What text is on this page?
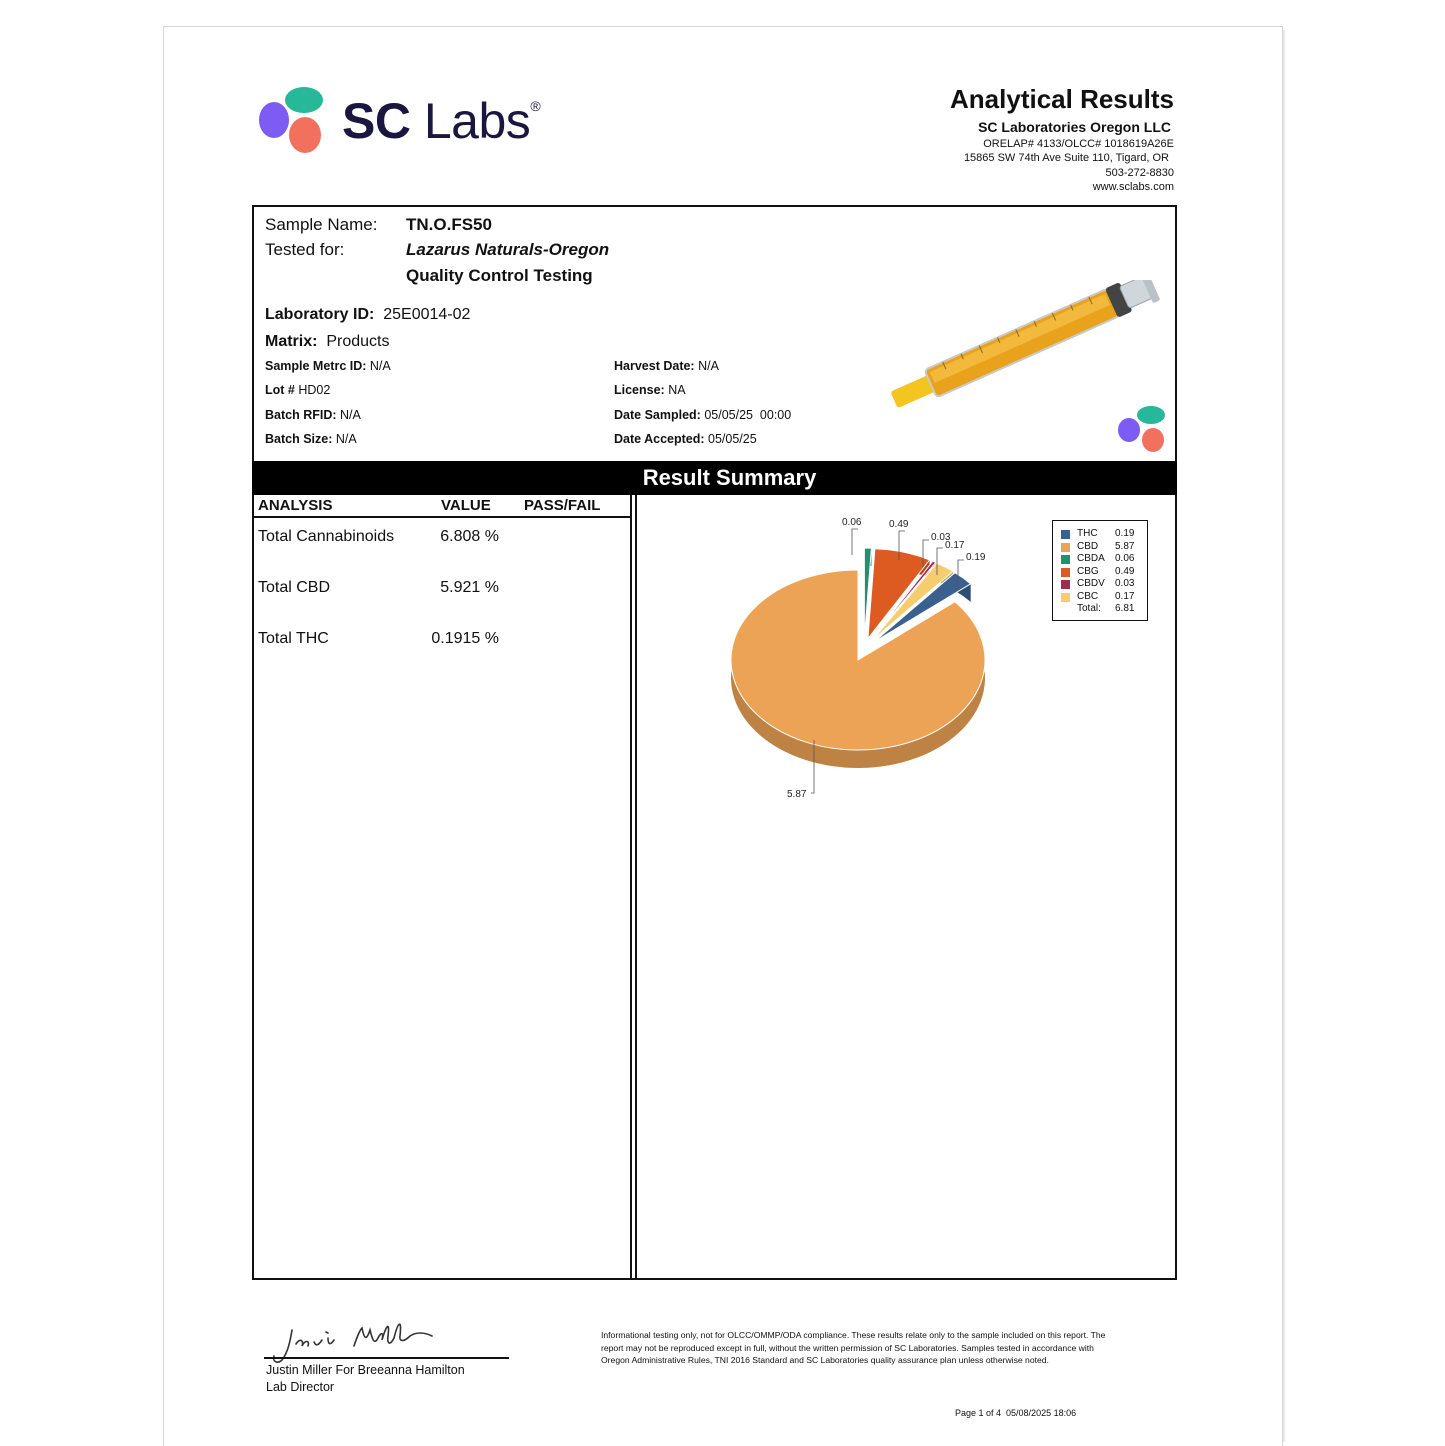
SC Labs®	Analytical Results
SC Laboratories Oregon LLC
ORELAP# 4133/OLCC# 1018619A26E
15865 SW 74th Ave Suite 110, Tigard, OR
503-272-8830
www.sclabs.com
Sample Name: TN.O.FS50
Tested for:	Lazarus Naturals-Oregon
Quality Control Testing
Laboratory ID: 25E0014-02
Matrix: Products
Sample Metrc ID: N/A
Lot # HD02
Batch RFID: N/A
Batch Size: N/A
Harvest Date: N/A
License: NA
Date Sampled: 05/05/25  00:00
Date Accepted: 05/05/25
Result Summary
ANALYSIS	VALUE PASS/FAIL
Total Cannabinoids	6.808 %
Total CBD	5.921 %
Total THC	0.1915 %
0.19
5.87
0.06	0.49
0.03
0.17
THC 0.19
CBD 5.87
CBDA 0.06
CBG 0.49
CBDV 0.03
CBC 0.17
Total: 6.81
Justin Miller For Breeanna Hamilton
Lab Director
Informational testing only, not for OLCC/OMMP/ODA compliance. These results relate only to the sample included on this report. The report may not be reproduced except in full, without the written permission of SC Laboratories. Samples tested in accordance with Oregon Administrative Rules, TNI 2016 Standard and SC Laboratories quality assurance plan unless otherwise noted.
Page 1 of 4  05/08/2025 18:06
